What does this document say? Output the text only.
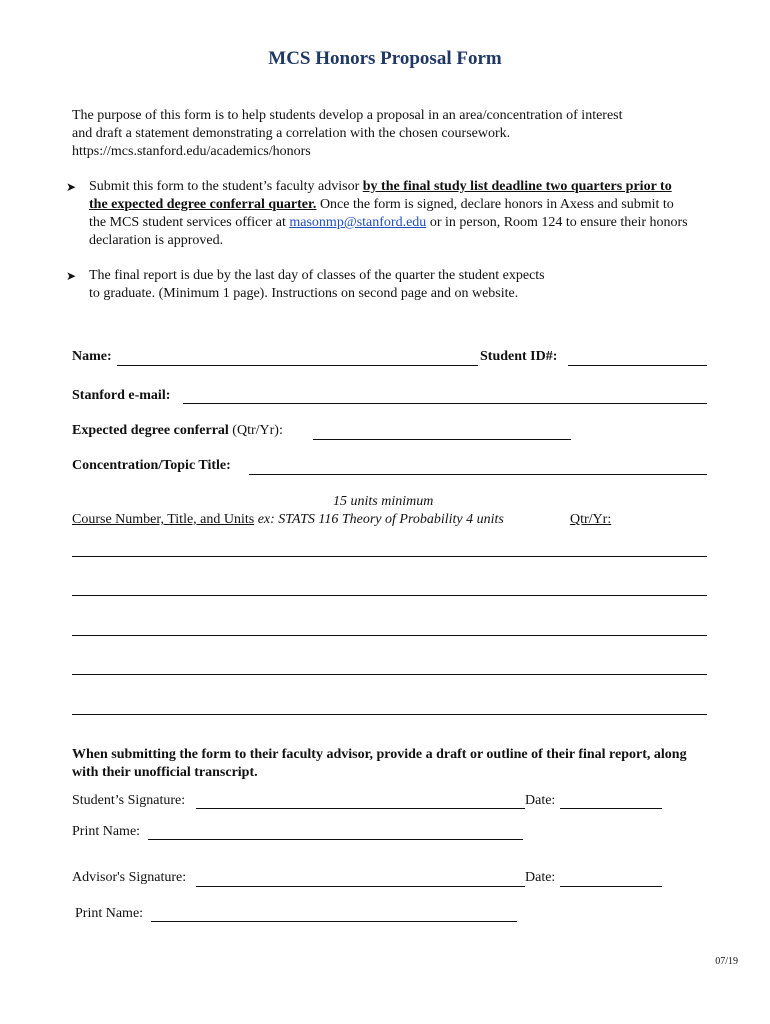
MCS Honors Proposal Form
The purpose of this form is to help students develop a proposal in an area/concentration of interest
and draft a statement demonstrating a correlation with the chosen coursework.
https://mcs.stanford.edu/academics/honors
➤ Submit this form to the student’s faculty advisor by the final study list deadline two quarters prior to the expected degree conferral quarter. Once the form is signed, declare honors in Axess and submit to the MCS student services officer at masonmp@stanford.edu or in person, Room 124 to ensure their honors declaration is approved.
➤ The final report is due by the last day of classes of the quarter the student expects to graduate. (Minimum 1 page). Instructions on second page and on website.
Name:	Student ID#:
Stanford e-mail:
Expected degree conferral (Qtr/Yr):
Concentration/Topic Title:
15 units minimum
Course Number, Title, and Units ex: STATS 116 Theory of Probability 4 units	Qtr/Yr:
When submitting the form to their faculty advisor, provide a draft or outline of their final report, along with their unofficial transcript.
Student’s Signature:	Date:
Print Name:
Advisor's Signature:	Date:
Print Name:
07/19
